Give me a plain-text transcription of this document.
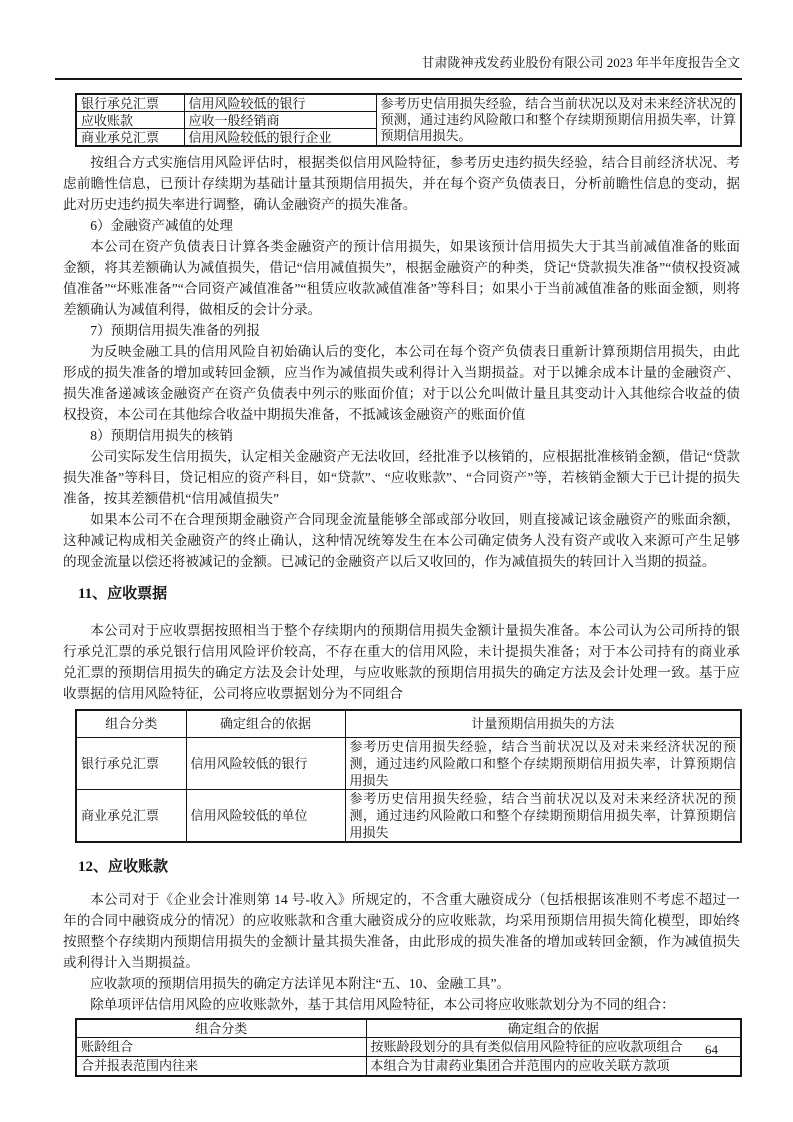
甘肃陇神戎发药业股份有限公司 2023 年半年度报告全文
银行承兑汇票	信用风险较低的银行	参考历史信用损失经验，结合当前状况以及对未来经济状况的预测，通过违约风险敞口和整个存续期预期信用损失率，计算预期信用损失。
应收账款	应收一般经销商	
商业承兑汇票	信用风险较低的银行企业	

按组合方式实施信用风险评估时，根据类似信用风险特征，参考历史违约损失经验，结合目前经济状况、考虑前瞻性信息，已预计存续期为基础计量其预期信用损失，并在每个资产负债表日，分析前瞻性信息的变动，据此对历史违约损失率进行调整，确认金融资产的损失准备。

6）金融资产减值的处理

本公司在资产负债表日计算各类金融资产的预计信用损失，如果该预计信用损失大于其当前减值准备的账面金额，将其差额确认为减值损失，借记“信用减值损失”，根据金融资产的种类，贷记“贷款损失准备”“债权投资减值准备”“坏账准备”“合同资产减值准备”“租赁应收款减值准备”等科目；如果小于当前减值准备的账面金额，则将差额确认为减值利得，做相反的会计分录。

7）预期信用损失准备的列报

为反映金融工具的信用风险自初始确认后的变化，本公司在每个资产负债表日重新计算预期信用损失，由此形成的损失准备的增加或转回金额，应当作为减值损失或利得计入当期损益。对于以摊余成本计量的金融资产、损失准备递减该金融资产在资产负债表中列示的账面价值；对于以公允叫做计量且其变动计入其他综合收益的债权投资，本公司在其他综合收益中期损失准备，不抵减该金融资产的账面价值

8）预期信用损失的核销

公司实际发生信用损失，认定相关金融资产无法收回，经批准予以核销的，应根据批准核销金额，借记“贷款损失准备”等科目，贷记相应的资产科目，如“贷款”、“应收账款”、“合同资产”等，若核销金额大于已计提的损失准备，按其差额借机“信用减值损失”

如果本公司不在合理预期金融资产合同现金流量能够全部或部分收回，则直接减记该金融资产的账面余额，这种减记构成相关金融资产的终止确认，这种情况统筹发生在本公司确定债务人没有资产或收入来源可产生足够的现金流量以偿还将被减记的金额。已减记的金融资产以后又收回的，作为减值损失的转回计入当期的损益。

11、应收票据

本公司对于应收票据按照相当于整个存续期内的预期信用损失金额计量损失准备。本公司认为公司所持的银行承兑汇票的承兑银行信用风险评价较高，不存在重大的信用风险，未计提损失准备；对于本公司持有的商业承兑汇票的预期信用损失的确定方法及会计处理，与应收账款的预期信用损失的确定方法及会计处理一致。基于应收票据的信用风险特征，公司将应收票据划分为不同组合

组合分类	确定组合的依据	计量预期信用损失的方法
银行承兑汇票	信用风险较低的银行	参考历史信用损失经验，结合当前状况以及对未来经济状况的预测，通过违约风险敞口和整个存续期预期信用损失率，计算预期信用损失
商业承兑汇票	信用风险较低的单位	参考历史信用损失经验，结合当前状况以及对未来经济状况的预测，通过违约风险敞口和整个存续期预期信用损失率，计算预期信用损失
12、应收账款

本公司对于《企业会计准则第 14 号-收入》所规定的，不含重大融资成分（包括根据该准则不考虑不超过一年的合同中融资成分的情况）的应收账款和含重大融资成分的应收账款，均采用预期信用损失简化模型，即始终按照整个存续期内预期信用损失的金额计量其损失准备，由此形成的损失准备的增加或转回金额，作为减值损失或利得计入当期损益。

应收款项的预期信用损失的确定方法详见本附注“五、10、金融工具”。

除单项评估信用风险的应收账款外，基于其信用风险特征，本公司将应收账款划分为不同的组合：

组合分类	确定组合的依据
账龄组合	按账龄段划分的具有类似信用风险特征的应收款项组合
合并报表范围内往来	本组合为甘肃药业集团合并范围内的应收关联方款项
64
